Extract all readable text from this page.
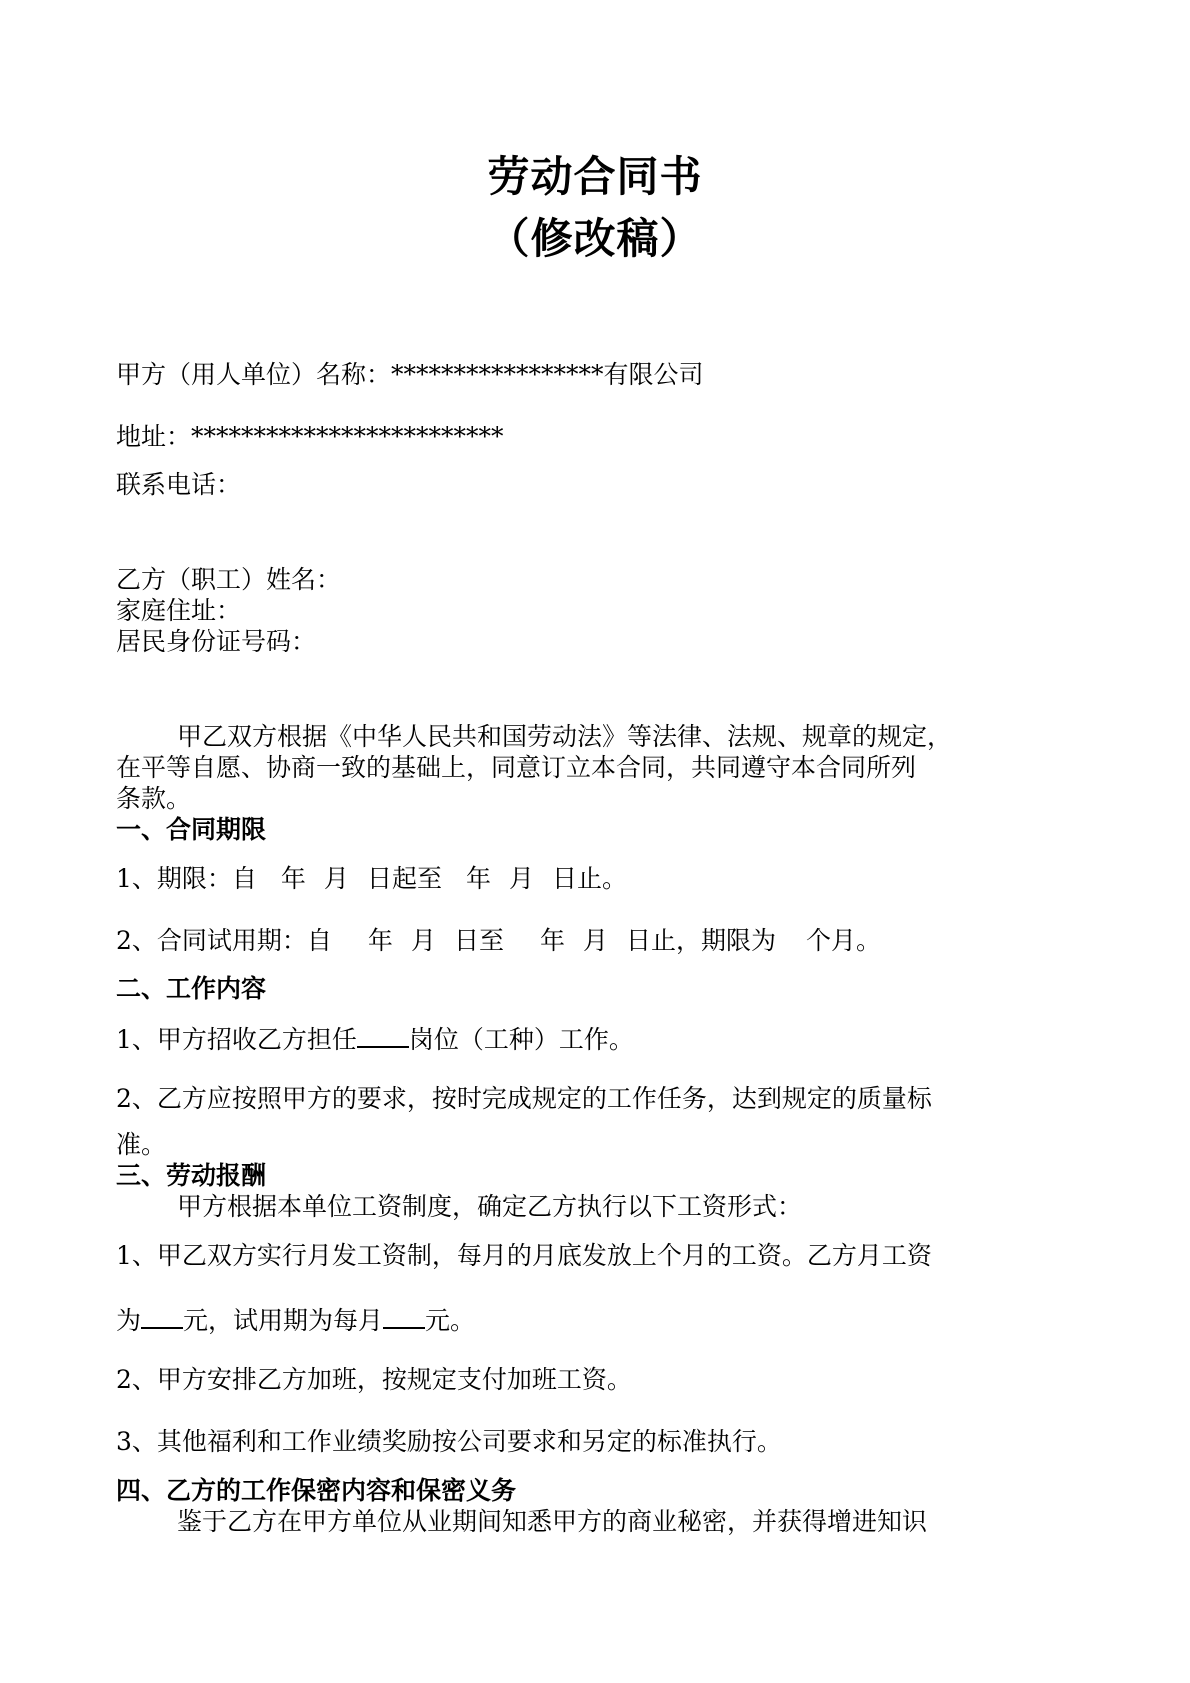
劳动合同书
（修改稿）
甲方（用人单位）名称：*****************有限公司
地址：*************************
联系电话：
乙方（职工）姓名：
家庭住址：
居民身份证号码：
甲乙双方根据《中华人民共和国劳动法》等法律、法规、规章的规定，
在平等自愿、协商一致的基础上，同意订立本合同，共同遵守本合同所列
条款。
一、合同期限
1、期限：自 年 月 日起至 年 月 日止。
2、合同试用期：自 年 月 日至 年 月 日止，期限为 个月。
二、工作内容
1、甲方招收乙方担任 岗位（工种）工作。
2、乙方应按照甲方的要求，按时完成规定的工作任务，达到规定的质量标
准。
三、劳动报酬
甲方根据本单位工资制度，确定乙方执行以下工资形式：
1、甲乙双方实行月发工资制，每月的月底发放上个月的工资。乙方月工资
为 元，试用期为每月 元。
2、甲方安排乙方加班，按规定支付加班工资。
3、其他福利和工作业绩奖励按公司要求和另定的标准执行。
四、乙方的工作保密内容和保密义务
鉴于乙方在甲方单位从业期间知悉甲方的商业秘密，并获得增进知识
